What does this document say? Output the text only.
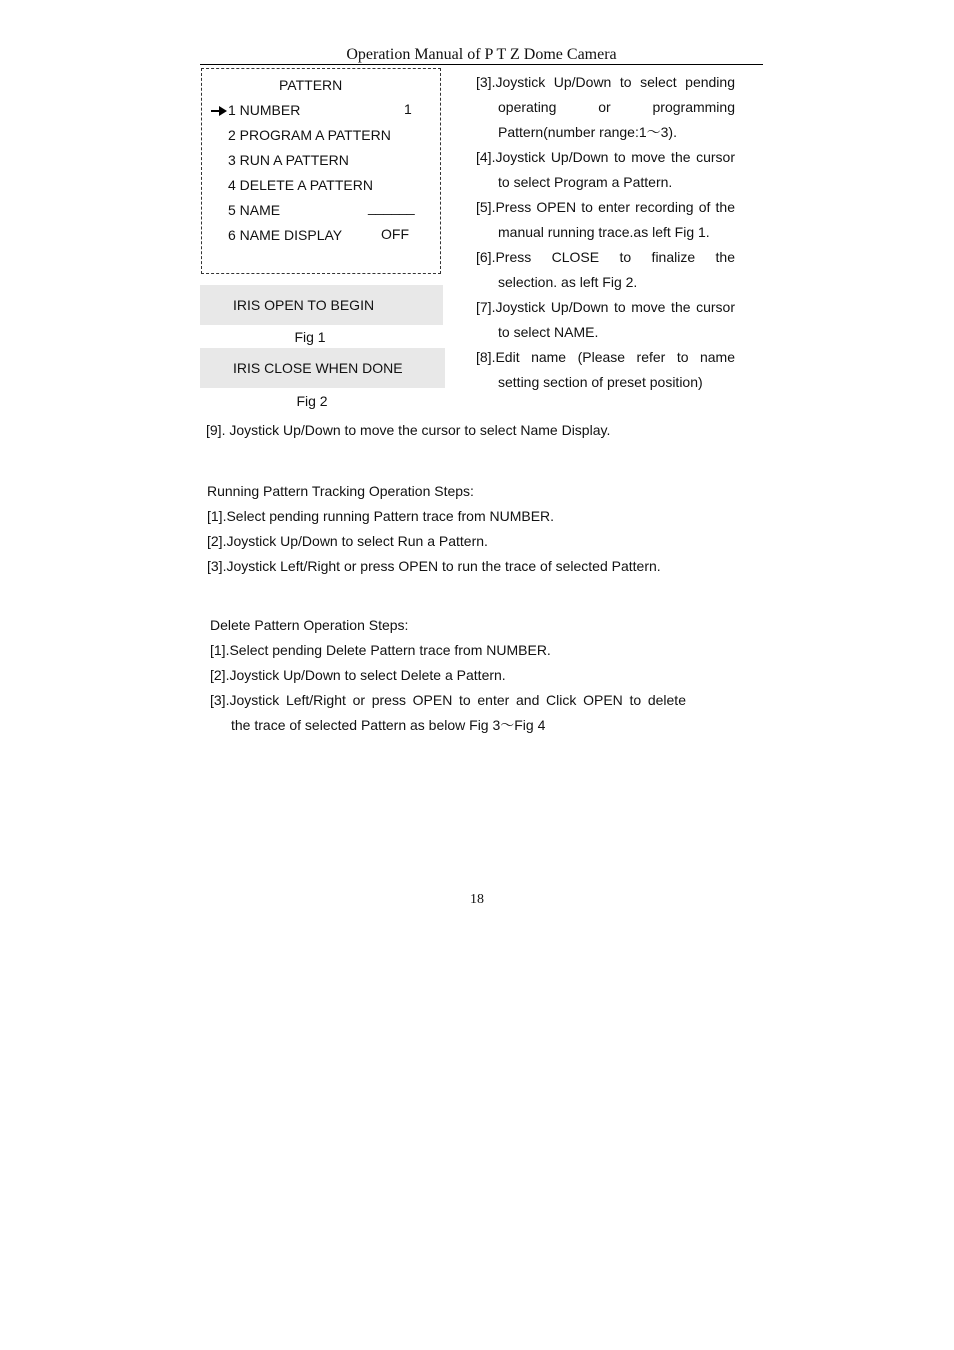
Operation Manual of P T Z Dome Camera
PATTERN
1 NUMBER	1
2 PROGRAM A PATTERN
3 RUN A PATTERN
4 DELETE A PATTERN
5 NAME	______
6 NAME DISPLAY	OFF
IRIS OPEN TO BEGIN
Fig 1
IRIS CLOSE WHEN DONE
Fig 2

[3].Joystick Up/Down to select pending
operating or programming
Pattern(number range:1～3).

[4].Joystick Up/Down to move the cursor
to select Program a Pattern.

[5].Press OPEN to enter recording of the
manual running trace.as left Fig 1.

[6].Press CLOSE to finalize the
selection. as left Fig 2.

[7].Joystick Up/Down to move the cursor
to select NAME.

[8].Edit name (Please refer to name
setting section of preset position)

[9]. Joystick Up/Down to move the cursor to select Name Display.
Running Pattern Tracking Operation Steps:
[1].Select pending running Pattern trace from NUMBER.
[2].Joystick Up/Down to select Run a Pattern.
[3].Joystick Left/Right or press OPEN to run the trace of selected Pattern.
Delete Pattern Operation Steps:
[1].Select pending Delete Pattern trace from NUMBER.
[2].Joystick Up/Down to select Delete a Pattern.
[3].Joystick Left/Right or press OPEN to enter and Click OPEN to delete
the trace of selected Pattern as below Fig 3～Fig 4
18
